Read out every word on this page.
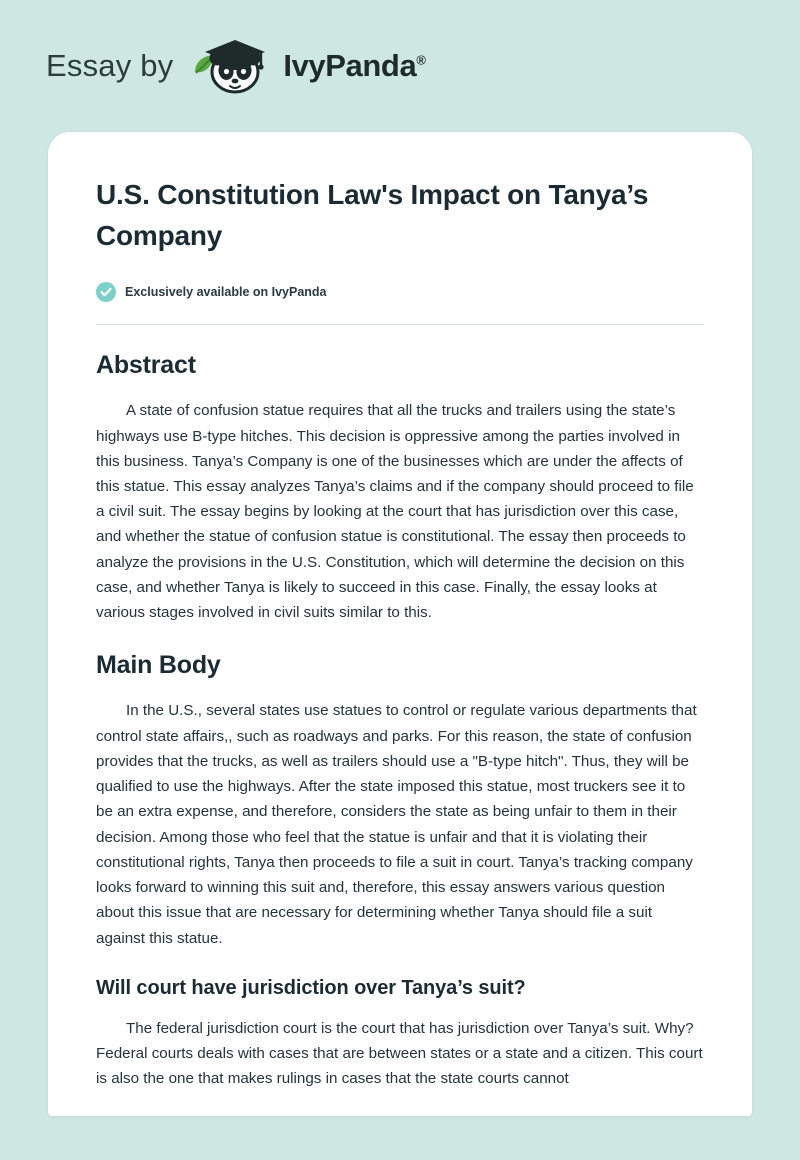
Essay by	IvyPanda®
U.S. Constitution Law's Impact on Tanya’s Company
Exclusively available on IvyPanda
Abstract

A state of confusion statue requires that all the trucks and trailers using the state’s highways use B-type hitches. This decision is oppressive among the parties involved in this business. Tanya’s Company is one of the businesses which are under the affects of this statue. This essay analyzes Tanya’s claims and if the company should proceed to file a civil suit. The essay begins by looking at the court that has jurisdiction over this case, and whether the statue of confusion statue is constitutional. The essay then proceeds to analyze the provisions in the U.S. Constitution, which will determine the decision on this case, and whether Tanya is likely to succeed in this case. Finally, the essay looks at various stages involved in civil suits similar to this.

Main Body

In the U.S., several states use statues to control or regulate various departments that control state affairs,, such as roadways and parks. For this reason, the state of confusion provides that the trucks, as well as trailers should use a "B-type hitch". Thus, they will be qualified to use the highways. After the state imposed this statue, most truckers see it to be an extra expense, and therefore, considers the state as being unfair to them in their decision. Among those who feel that the statue is unfair and that it is violating their constitutional rights, Tanya then proceeds to file a suit in court. Tanya’s tracking company looks forward to winning this suit and, therefore, this essay answers various question about this issue that are necessary for determining whether Tanya should file a suit against this statue.

Will court have jurisdiction over Tanya’s suit?

The federal jurisdiction court is the court that has jurisdiction over Tanya’s suit. Why? Federal courts deals with cases that are between states or a state and a citizen. This court is also the one that makes rulings in cases that the state courts cannot
